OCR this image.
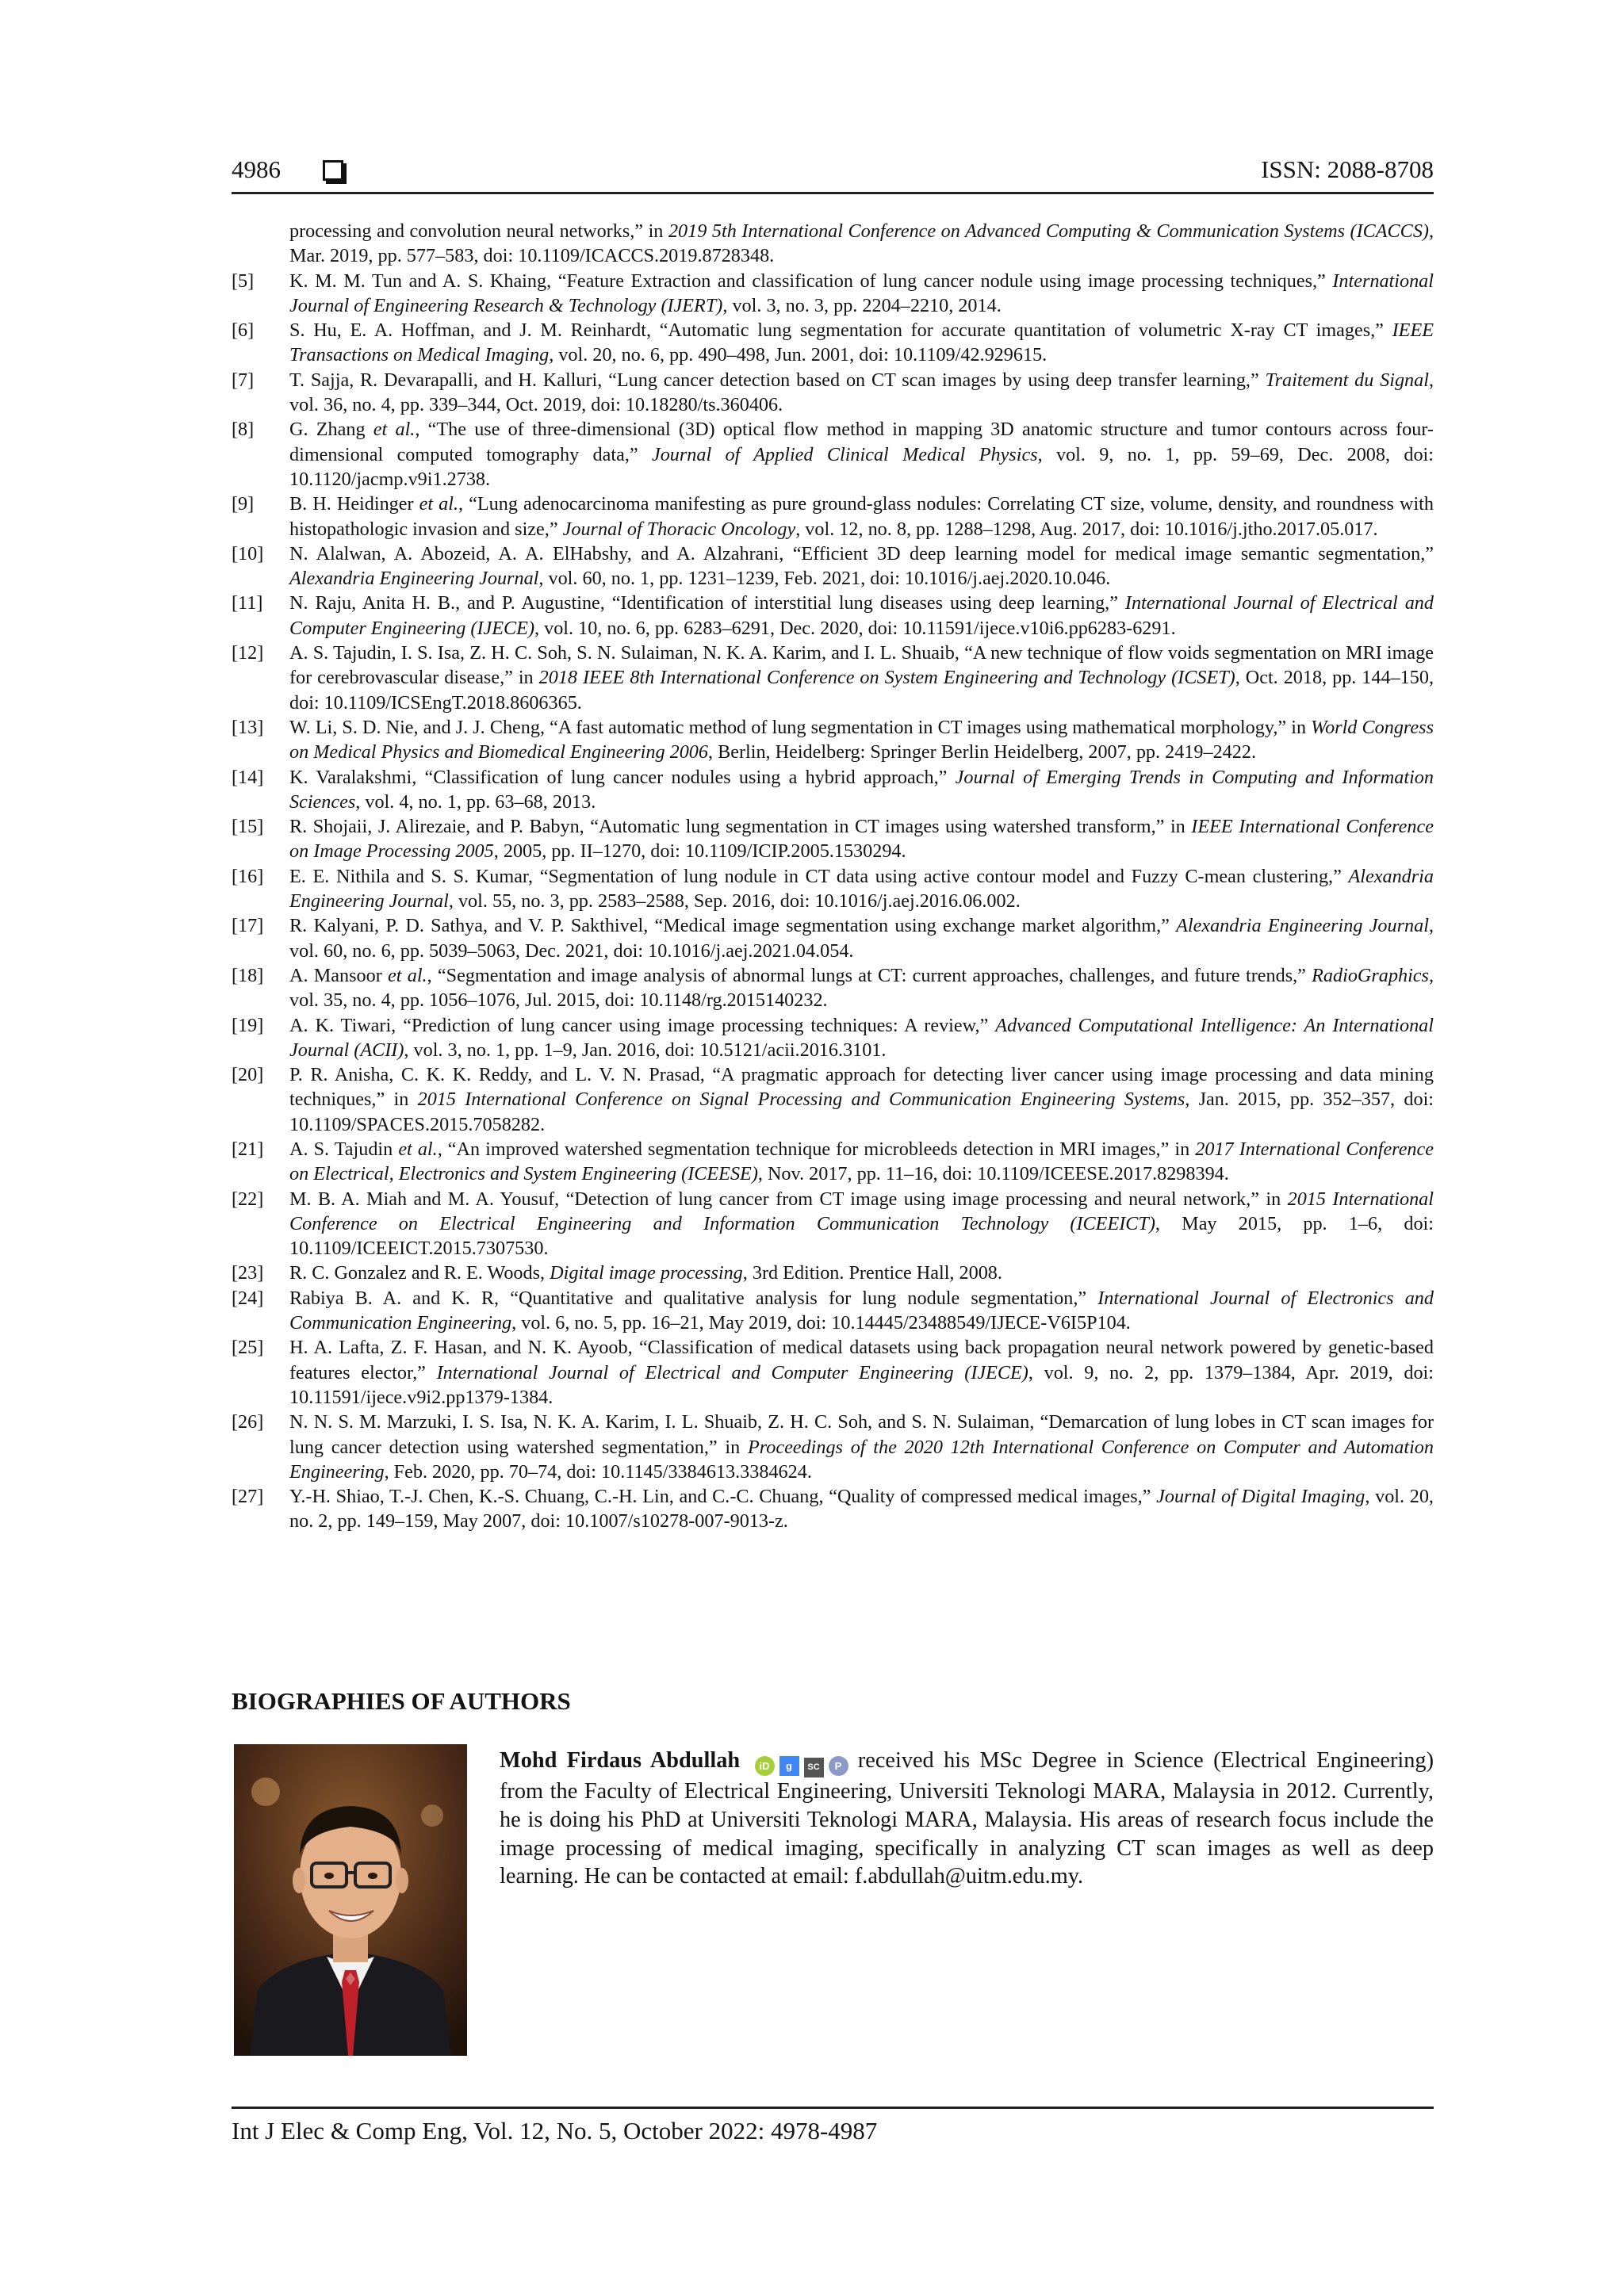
4986	ISSN: 2088-8708
processing and convolution neural networks,” in 2019 5th International Conference on Advanced Computing & Communication Systems (ICACCS), Mar. 2019, pp. 577–583, doi: 10.1109/ICACCS.2019.8728348.
[5]	K. M. M. Tun and A. S. Khaing, “Feature Extraction and classification of lung cancer nodule using image processing techniques,” International Journal of Engineering Research & Technology (IJERT), vol. 3, no. 3, pp. 2204–2210, 2014.
[6]	S. Hu, E. A. Hoffman, and J. M. Reinhardt, “Automatic lung segmentation for accurate quantitation of volumetric X-ray CT images,” IEEE Transactions on Medical Imaging, vol. 20, no. 6, pp. 490–498, Jun. 2001, doi: 10.1109/42.929615.
[7]	T. Sajja, R. Devarapalli, and H. Kalluri, “Lung cancer detection based on CT scan images by using deep transfer learning,” Traitement du Signal, vol. 36, no. 4, pp. 339–344, Oct. 2019, doi: 10.18280/ts.360406.
[8]	G. Zhang et al., “The use of three-dimensional (3D) optical flow method in mapping 3D anatomic structure and tumor contours across four-dimensional computed tomography data,” Journal of Applied Clinical Medical Physics, vol. 9, no. 1, pp. 59–69, Dec. 2008, doi: 10.1120/jacmp.v9i1.2738.
[9]	B. H. Heidinger et al., “Lung adenocarcinoma manifesting as pure ground-glass nodules: Correlating CT size, volume, density, and roundness with histopathologic invasion and size,” Journal of Thoracic Oncology, vol. 12, no. 8, pp. 1288–1298, Aug. 2017, doi: 10.1016/j.jtho.2017.05.017.
[10]	N. Alalwan, A. Abozeid, A. A. ElHabshy, and A. Alzahrani, “Efficient 3D deep learning model for medical image semantic segmentation,” Alexandria Engineering Journal, vol. 60, no. 1, pp. 1231–1239, Feb. 2021, doi: 10.1016/j.aej.2020.10.046.
[11]	N. Raju, Anita H. B., and P. Augustine, “Identification of interstitial lung diseases using deep learning,” International Journal of Electrical and Computer Engineering (IJECE), vol. 10, no. 6, pp. 6283–6291, Dec. 2020, doi: 10.11591/ijece.v10i6.pp6283-6291.
[12]	A. S. Tajudin, I. S. Isa, Z. H. C. Soh, S. N. Sulaiman, N. K. A. Karim, and I. L. Shuaib, “A new technique of flow voids segmentation on MRI image for cerebrovascular disease,” in 2018 IEEE 8th International Conference on System Engineering and Technology (ICSET), Oct. 2018, pp. 144–150, doi: 10.1109/ICSEngT.2018.8606365.
[13]	W. Li, S. D. Nie, and J. J. Cheng, “A fast automatic method of lung segmentation in CT images using mathematical morphology,” in World Congress on Medical Physics and Biomedical Engineering 2006, Berlin, Heidelberg: Springer Berlin Heidelberg, 2007, pp. 2419–2422.
[14]	K. Varalakshmi, “Classification of lung cancer nodules using a hybrid approach,” Journal of Emerging Trends in Computing and Information Sciences, vol. 4, no. 1, pp. 63–68, 2013.
[15]	R. Shojaii, J. Alirezaie, and P. Babyn, “Automatic lung segmentation in CT images using watershed transform,” in IEEE International Conference on Image Processing 2005, 2005, pp. II–1270, doi: 10.1109/ICIP.2005.1530294.
[16]	E. E. Nithila and S. S. Kumar, “Segmentation of lung nodule in CT data using active contour model and Fuzzy C-mean clustering,” Alexandria Engineering Journal, vol. 55, no. 3, pp. 2583–2588, Sep. 2016, doi: 10.1016/j.aej.2016.06.002.
[17]	R. Kalyani, P. D. Sathya, and V. P. Sakthivel, “Medical image segmentation using exchange market algorithm,” Alexandria Engineering Journal, vol. 60, no. 6, pp. 5039–5063, Dec. 2021, doi: 10.1016/j.aej.2021.04.054.
[18]	A. Mansoor et al., “Segmentation and image analysis of abnormal lungs at CT: current approaches, challenges, and future trends,” RadioGraphics, vol. 35, no. 4, pp. 1056–1076, Jul. 2015, doi: 10.1148/rg.2015140232.
[19]	A. K. Tiwari, “Prediction of lung cancer using image processing techniques: A review,” Advanced Computational Intelligence: An International Journal (ACII), vol. 3, no. 1, pp. 1–9, Jan. 2016, doi: 10.5121/acii.2016.3101.
[20]	P. R. Anisha, C. K. K. Reddy, and L. V. N. Prasad, “A pragmatic approach for detecting liver cancer using image processing and data mining techniques,” in 2015 International Conference on Signal Processing and Communication Engineering Systems, Jan. 2015, pp. 352–357, doi: 10.1109/SPACES.2015.7058282.
[21]	A. S. Tajudin et al., “An improved watershed segmentation technique for microbleeds detection in MRI images,” in 2017 International Conference on Electrical, Electronics and System Engineering (ICEESE), Nov. 2017, pp. 11–16, doi: 10.1109/ICEESE.2017.8298394.
[22]	M. B. A. Miah and M. A. Yousuf, “Detection of lung cancer from CT image using image processing and neural network,” in 2015 International Conference on Electrical Engineering and Information Communication Technology (ICEEICT), May 2015, pp. 1–6, doi: 10.1109/ICEEICT.2015.7307530.
[23]	R. C. Gonzalez and R. E. Woods, Digital image processing, 3rd Edition. Prentice Hall, 2008.
[24]	Rabiya B. A. and K. R, “Quantitative and qualitative analysis for lung nodule segmentation,” International Journal of Electronics and Communication Engineering, vol. 6, no. 5, pp. 16–21, May 2019, doi: 10.14445/23488549/IJECE-V6I5P104.
[25]	H. A. Lafta, Z. F. Hasan, and N. K. Ayoob, “Classification of medical datasets using back propagation neural network powered by genetic-based features elector,” International Journal of Electrical and Computer Engineering (IJECE), vol. 9, no. 2, pp. 1379–1384, Apr. 2019, doi: 10.11591/ijece.v9i2.pp1379-1384.
[26]	N. N. S. M. Marzuki, I. S. Isa, N. K. A. Karim, I. L. Shuaib, Z. H. C. Soh, and S. N. Sulaiman, “Demarcation of lung lobes in CT scan images for lung cancer detection using watershed segmentation,” in Proceedings of the 2020 12th International Conference on Computer and Automation Engineering, Feb. 2020, pp. 70–74, doi: 10.1145/3384613.3384624.
[27]	Y.-H. Shiao, T.-J. Chen, K.-S. Chuang, C.-H. Lin, and C.-C. Chuang, “Quality of compressed medical images,” Journal of Digital Imaging, vol. 20, no. 2, pp. 149–159, May 2007, doi: 10.1007/s10278-007-9013-z.
BIOGRAPHIES OF AUTHORS
Mohd Firdaus Abdullah iD g SC P received his MSc Degree in Science (Electrical Engineering) from the Faculty of Electrical Engineering, Universiti Teknologi MARA, Malaysia in 2012. Currently, he is doing his PhD at Universiti Teknologi MARA, Malaysia. His areas of research focus include the image processing of medical imaging, specifically in analyzing CT scan images as well as deep learning. He can be contacted at email: f.abdullah@uitm.edu.my.
Int J Elec & Comp Eng, Vol. 12, No. 5, October 2022: 4978-4987
